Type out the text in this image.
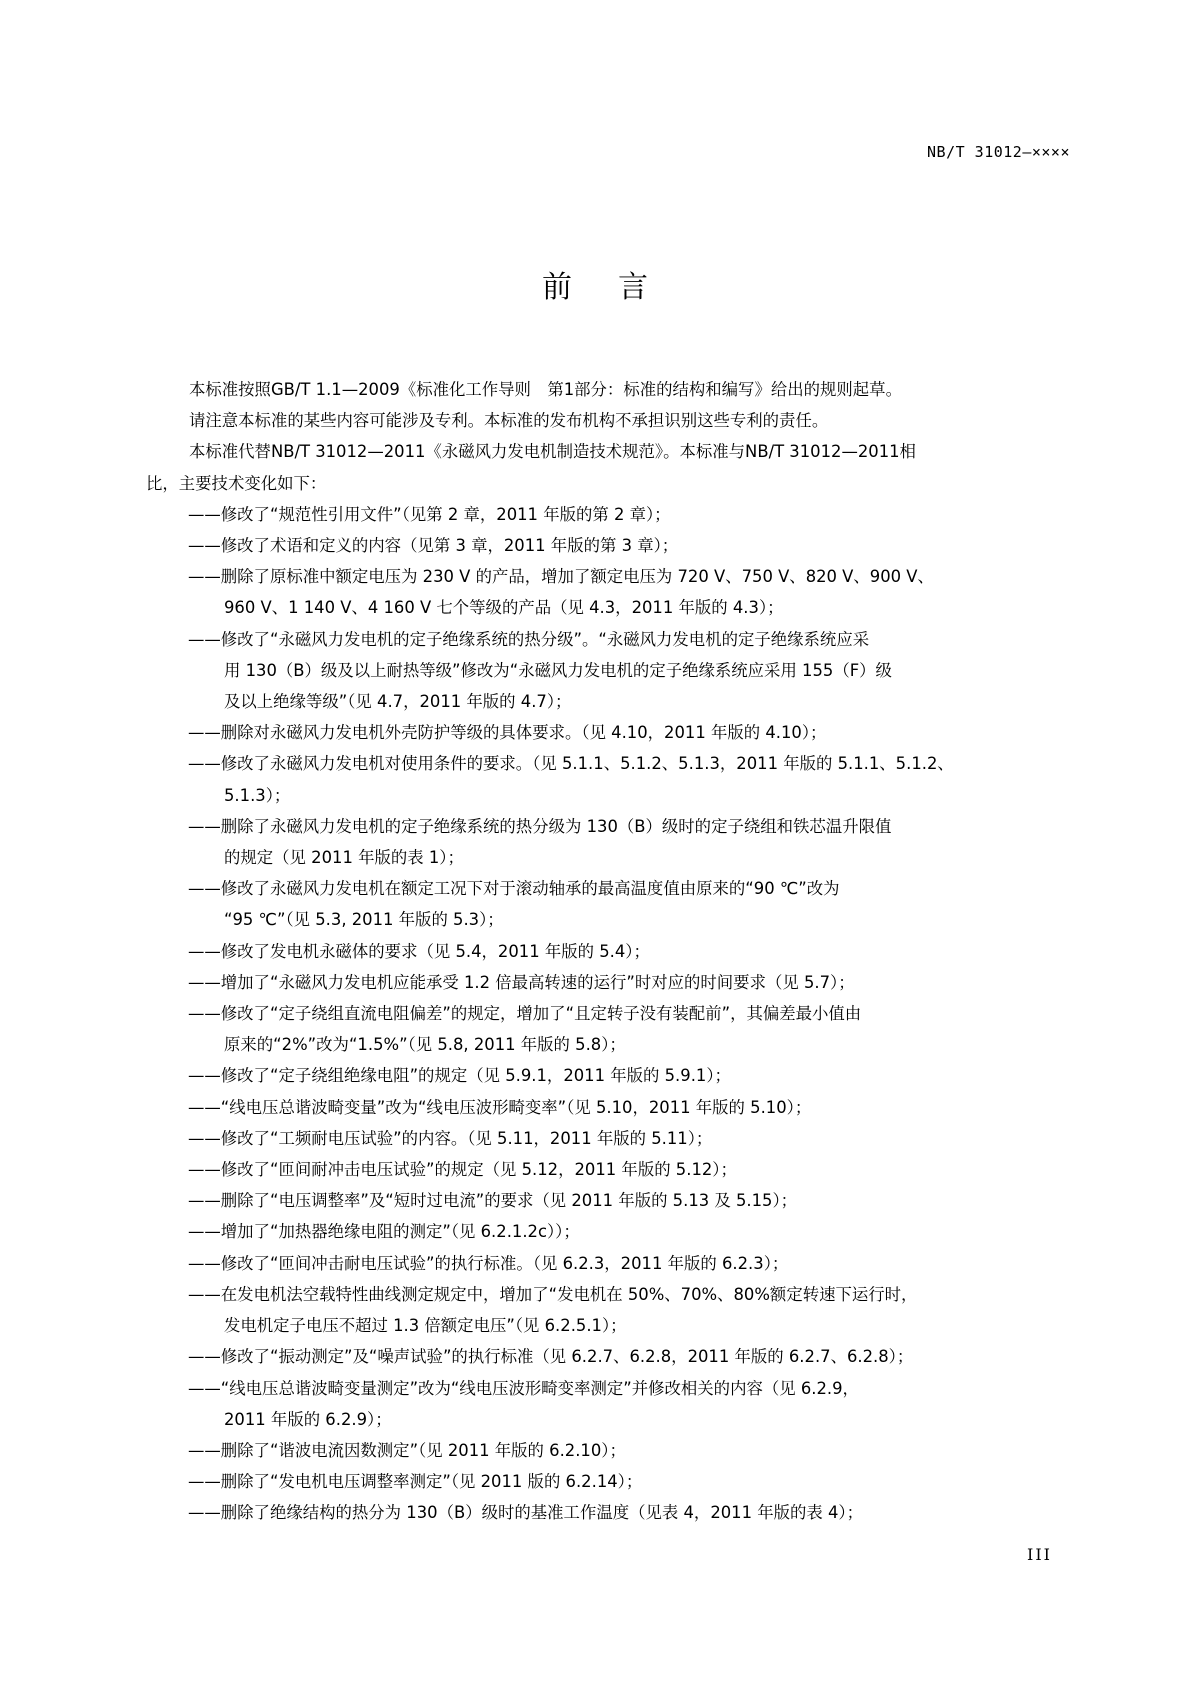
NB/T 31012—××××
前言

本标准按照GB/T 1.1—2009《标准化工作导则　第1部分：标准的结构和编写》给出的规则起草。

请注意本标准的某些内容可能涉及专利。本标准的发布机构不承担识别这些专利的责任。

本标准代替NB/T 31012—2011《永磁风力发电机制造技术规范》。本标准与NB/T 31012—2011相

比，主要技术变化如下：

——修改了“规范性引用文件”（见第 2 章，2011 年版的第 2 章）；
——修改了术语和定义的内容（见第 3 章，2011 年版的第 3 章）；
——删除了原标准中额定电压为 230 V 的产品，增加了额定电压为 720 V、750 V、820 V、900 V、
960 V、1 140 V、4 160 V 七个等级的产品（见 4.3，2011 年版的 4.3）；
——修改了“永磁风力发电机的定子绝缘系统的热分级”。“永磁风力发电机的定子绝缘系统应采
用 130（B）级及以上耐热等级”修改为“永磁风力发电机的定子绝缘系统应采用 155（F）级
及以上绝缘等级”（见 4.7，2011 年版的 4.7）；
——删除对永磁风力发电机外壳防护等级的具体要求。（见 4.10，2011 年版的 4.10）；
——修改了永磁风力发电机对使用条件的要求。（见 5.1.1、5.1.2、5.1.3，2011 年版的 5.1.1、5.1.2、
5.1.3）；
——删除了永磁风力发电机的定子绝缘系统的热分级为 130（B）级时的定子绕组和铁芯温升限值
的规定（见 2011 年版的表 1）；
——修改了永磁风力发电机在额定工况下对于滚动轴承的最高温度值由原来的“90 ℃”改为
“95 ℃”（见 5.3, 2011 年版的 5.3）；
——修改了发电机永磁体的要求（见 5.4，2011 年版的 5.4）；
——增加了“永磁风力发电机应能承受 1.2 倍最高转速的运行”时对应的时间要求（见 5.7）；
——修改了“定子绕组直流电阻偏差”的规定，增加了“且定转子没有装配前”，其偏差最小值由
原来的“2%”改为“1.5%”（见 5.8, 2011 年版的 5.8）；
——修改了“定子绕组绝缘电阻”的规定（见 5.9.1，2011 年版的 5.9.1）；
——“线电压总谐波畸变量”改为“线电压波形畸变率”（见 5.10，2011 年版的 5.10）；
——修改了“工频耐电压试验”的内容。（见 5.11，2011 年版的 5.11）；
——修改了“匝间耐冲击电压试验”的规定（见 5.12，2011 年版的 5.12）；
——删除了“电压调整率”及“短时过电流”的要求（见 2011 年版的 5.13 及 5.15）；
——增加了“加热器绝缘电阻的测定”（见 6.2.1.2c））；
——修改了“匝间冲击耐电压试验”的执行标准。（见 6.2.3，2011 年版的 6.2.3）；
——在发电机法空载特性曲线测定规定中，增加了“发电机在 50%、70%、80%额定转速下运行时，
发电机定子电压不超过 1.3 倍额定电压”（见 6.2.5.1）；
——修改了“振动测定”及“噪声试验”的执行标准（见 6.2.7、6.2.8，2011 年版的 6.2.7、6.2.8）；
——“线电压总谐波畸变量测定”改为“线电压波形畸变率测定”并修改相关的内容（见 6.2.9，
2011 年版的 6.2.9）；
——删除了“谐波电流因数测定”（见 2011 年版的 6.2.10）；
——删除了“发电机电压调整率测定”（见 2011 版的 6.2.14）；
——删除了绝缘结构的热分为 130（B）级时的基准工作温度（见表 4，2011 年版的表 4）；
III
